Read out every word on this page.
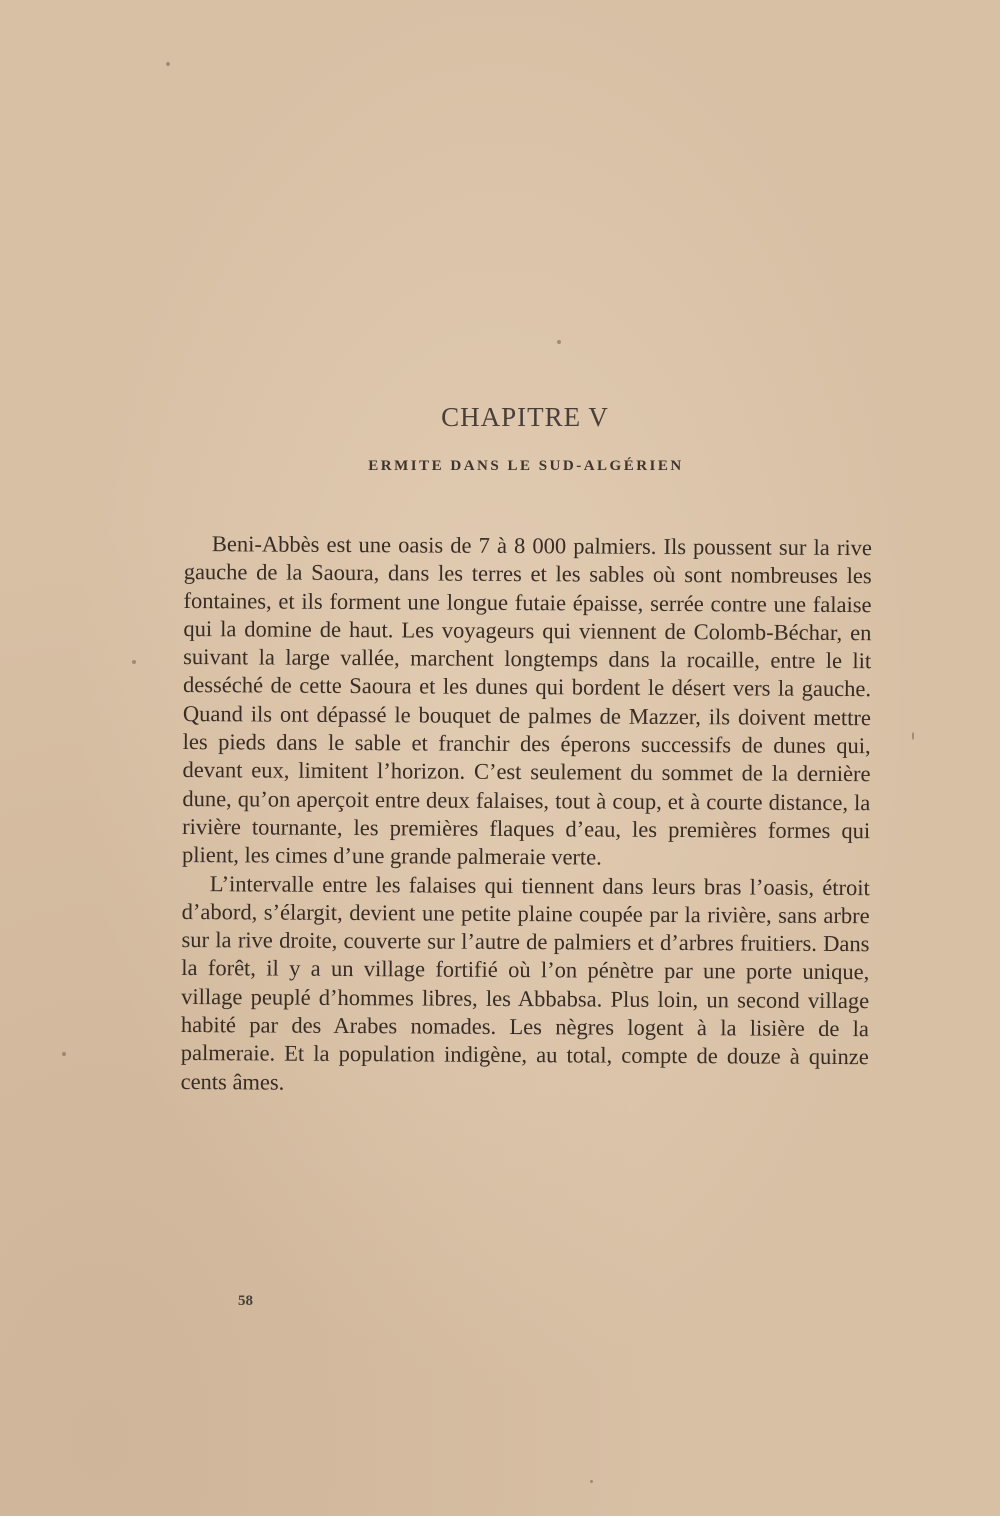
CHAPITRE V
ERMITE DANS LE SUD-ALGÉRIEN

Beni-Abbès est une oasis de 7 à 8 000 palmiers. Ils poussent sur la rive gauche de la Saoura, dans les terres et les sables où sont nombreuses les fontaines, et ils forment une longue futaie épaisse, serrée contre une falaise qui la domine de haut. Les voyageurs qui viennent de Colomb-Béchar, en suivant la large vallée, marchent longtemps dans la rocaille, entre le lit desséché de cette Saoura et les dunes qui bordent le désert vers la gauche. Quand ils ont dépassé le bouquet de palmes de Mazzer, ils doivent mettre les pieds dans le sable et franchir des éperons successifs de dunes qui, devant eux, limitent l’horizon. C’est seulement du sommet de la dernière dune, qu’on aperçoit entre deux falaises, tout à coup, et à courte distance, la rivière tournante, les premières flaques d’eau, les premières formes qui plient, les cimes d’une grande palmeraie verte.

L’intervalle entre les falaises qui tiennent dans leurs bras l’oasis, étroit d’abord, s’élargit, devient une petite plaine coupée par la rivière, sans arbre sur la rive droite, couverte sur l’autre de palmiers et d’arbres fruitiers. Dans la forêt, il y a un village fortifié où l’on pénètre par une porte unique, village peuplé d’hommes libres, les Abbabsa. Plus loin, un second village habité par des Arabes nomades. Les nègres logent à la lisière de la palmeraie. Et la population indigène, au total, compte de douze à quinze cents âmes.

58
